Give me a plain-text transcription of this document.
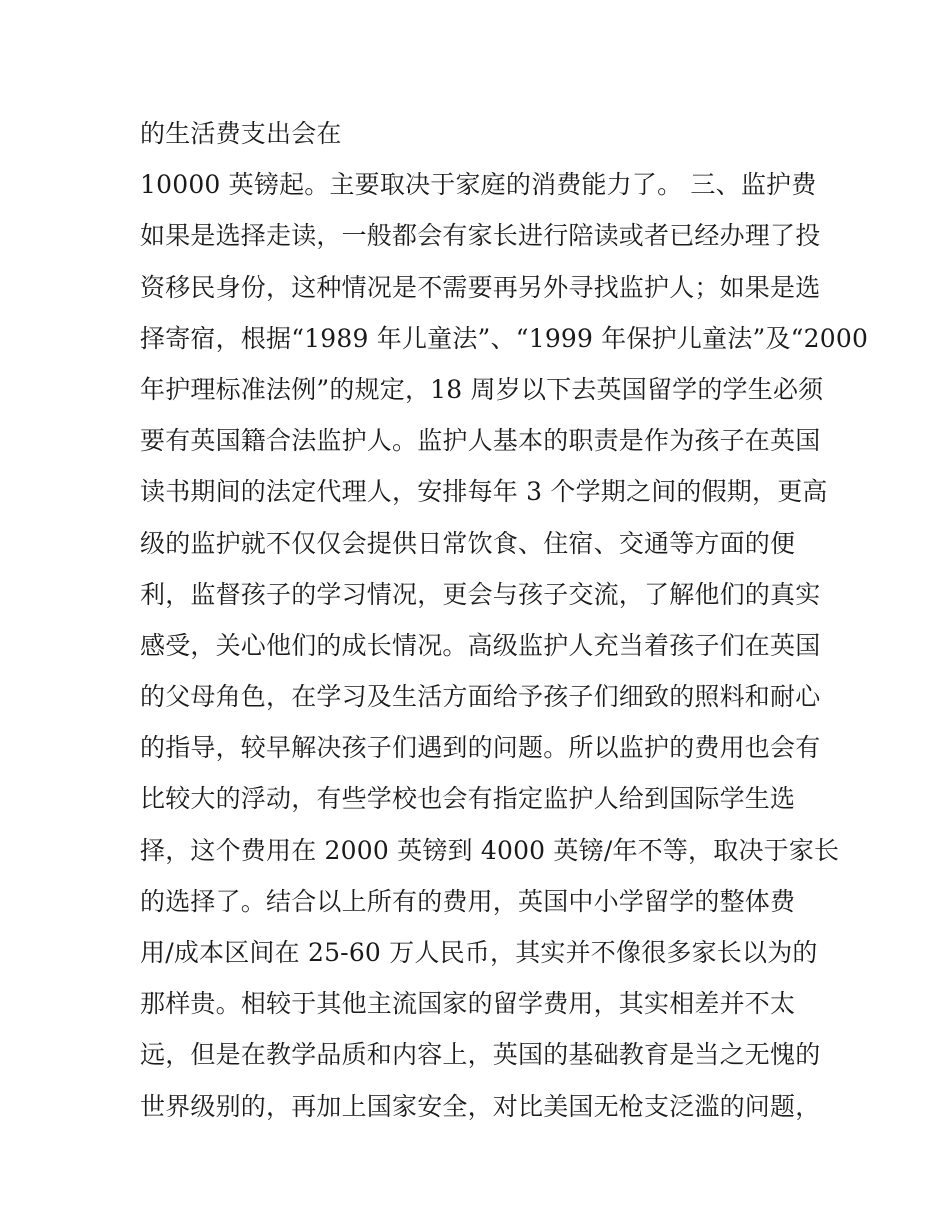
的生活费支出会在
10000 英镑起。主要取决于家庭的消费能力了。 三、监护费
如果是选择走读，一般都会有家长进行陪读或者已经办理了投
资移民身份，这种情况是不需要再另外寻找监护人；如果是选
择寄宿，根据“1989 年儿童法”、“1999 年保护儿童法”及“2000
年护理标准法例”的规定，18 周岁以下去英国留学的学生必须
要有英国籍合法监护人。监护人基本的职责是作为孩子在英国
读书期间的法定代理人，安排每年 3 个学期之间的假期，更高
级的监护就不仅仅会提供日常饮食、住宿、交通等方面的便
利，监督孩子的学习情况，更会与孩子交流，了解他们的真实
感受，关心他们的成长情况。高级监护人充当着孩子们在英国
的父母角色，在学习及生活方面给予孩子们细致的照料和耐心
的指导，较早解决孩子们遇到的问题。所以监护的费用也会有
比较大的浮动，有些学校也会有指定监护人给到国际学生选
择，这个费用在 2000 英镑到 4000 英镑/年不等，取决于家长
的选择了。结合以上所有的费用，英国中小学留学的整体费
用/成本区间在 25-60 万人民币，其实并不像很多家长以为的
那样贵。相较于其他主流国家的留学费用，其实相差并不太
远，但是在教学品质和内容上，英国的基础教育是当之无愧的
世界级别的，再加上国家安全，对比美国无枪支泛滥的问题，
